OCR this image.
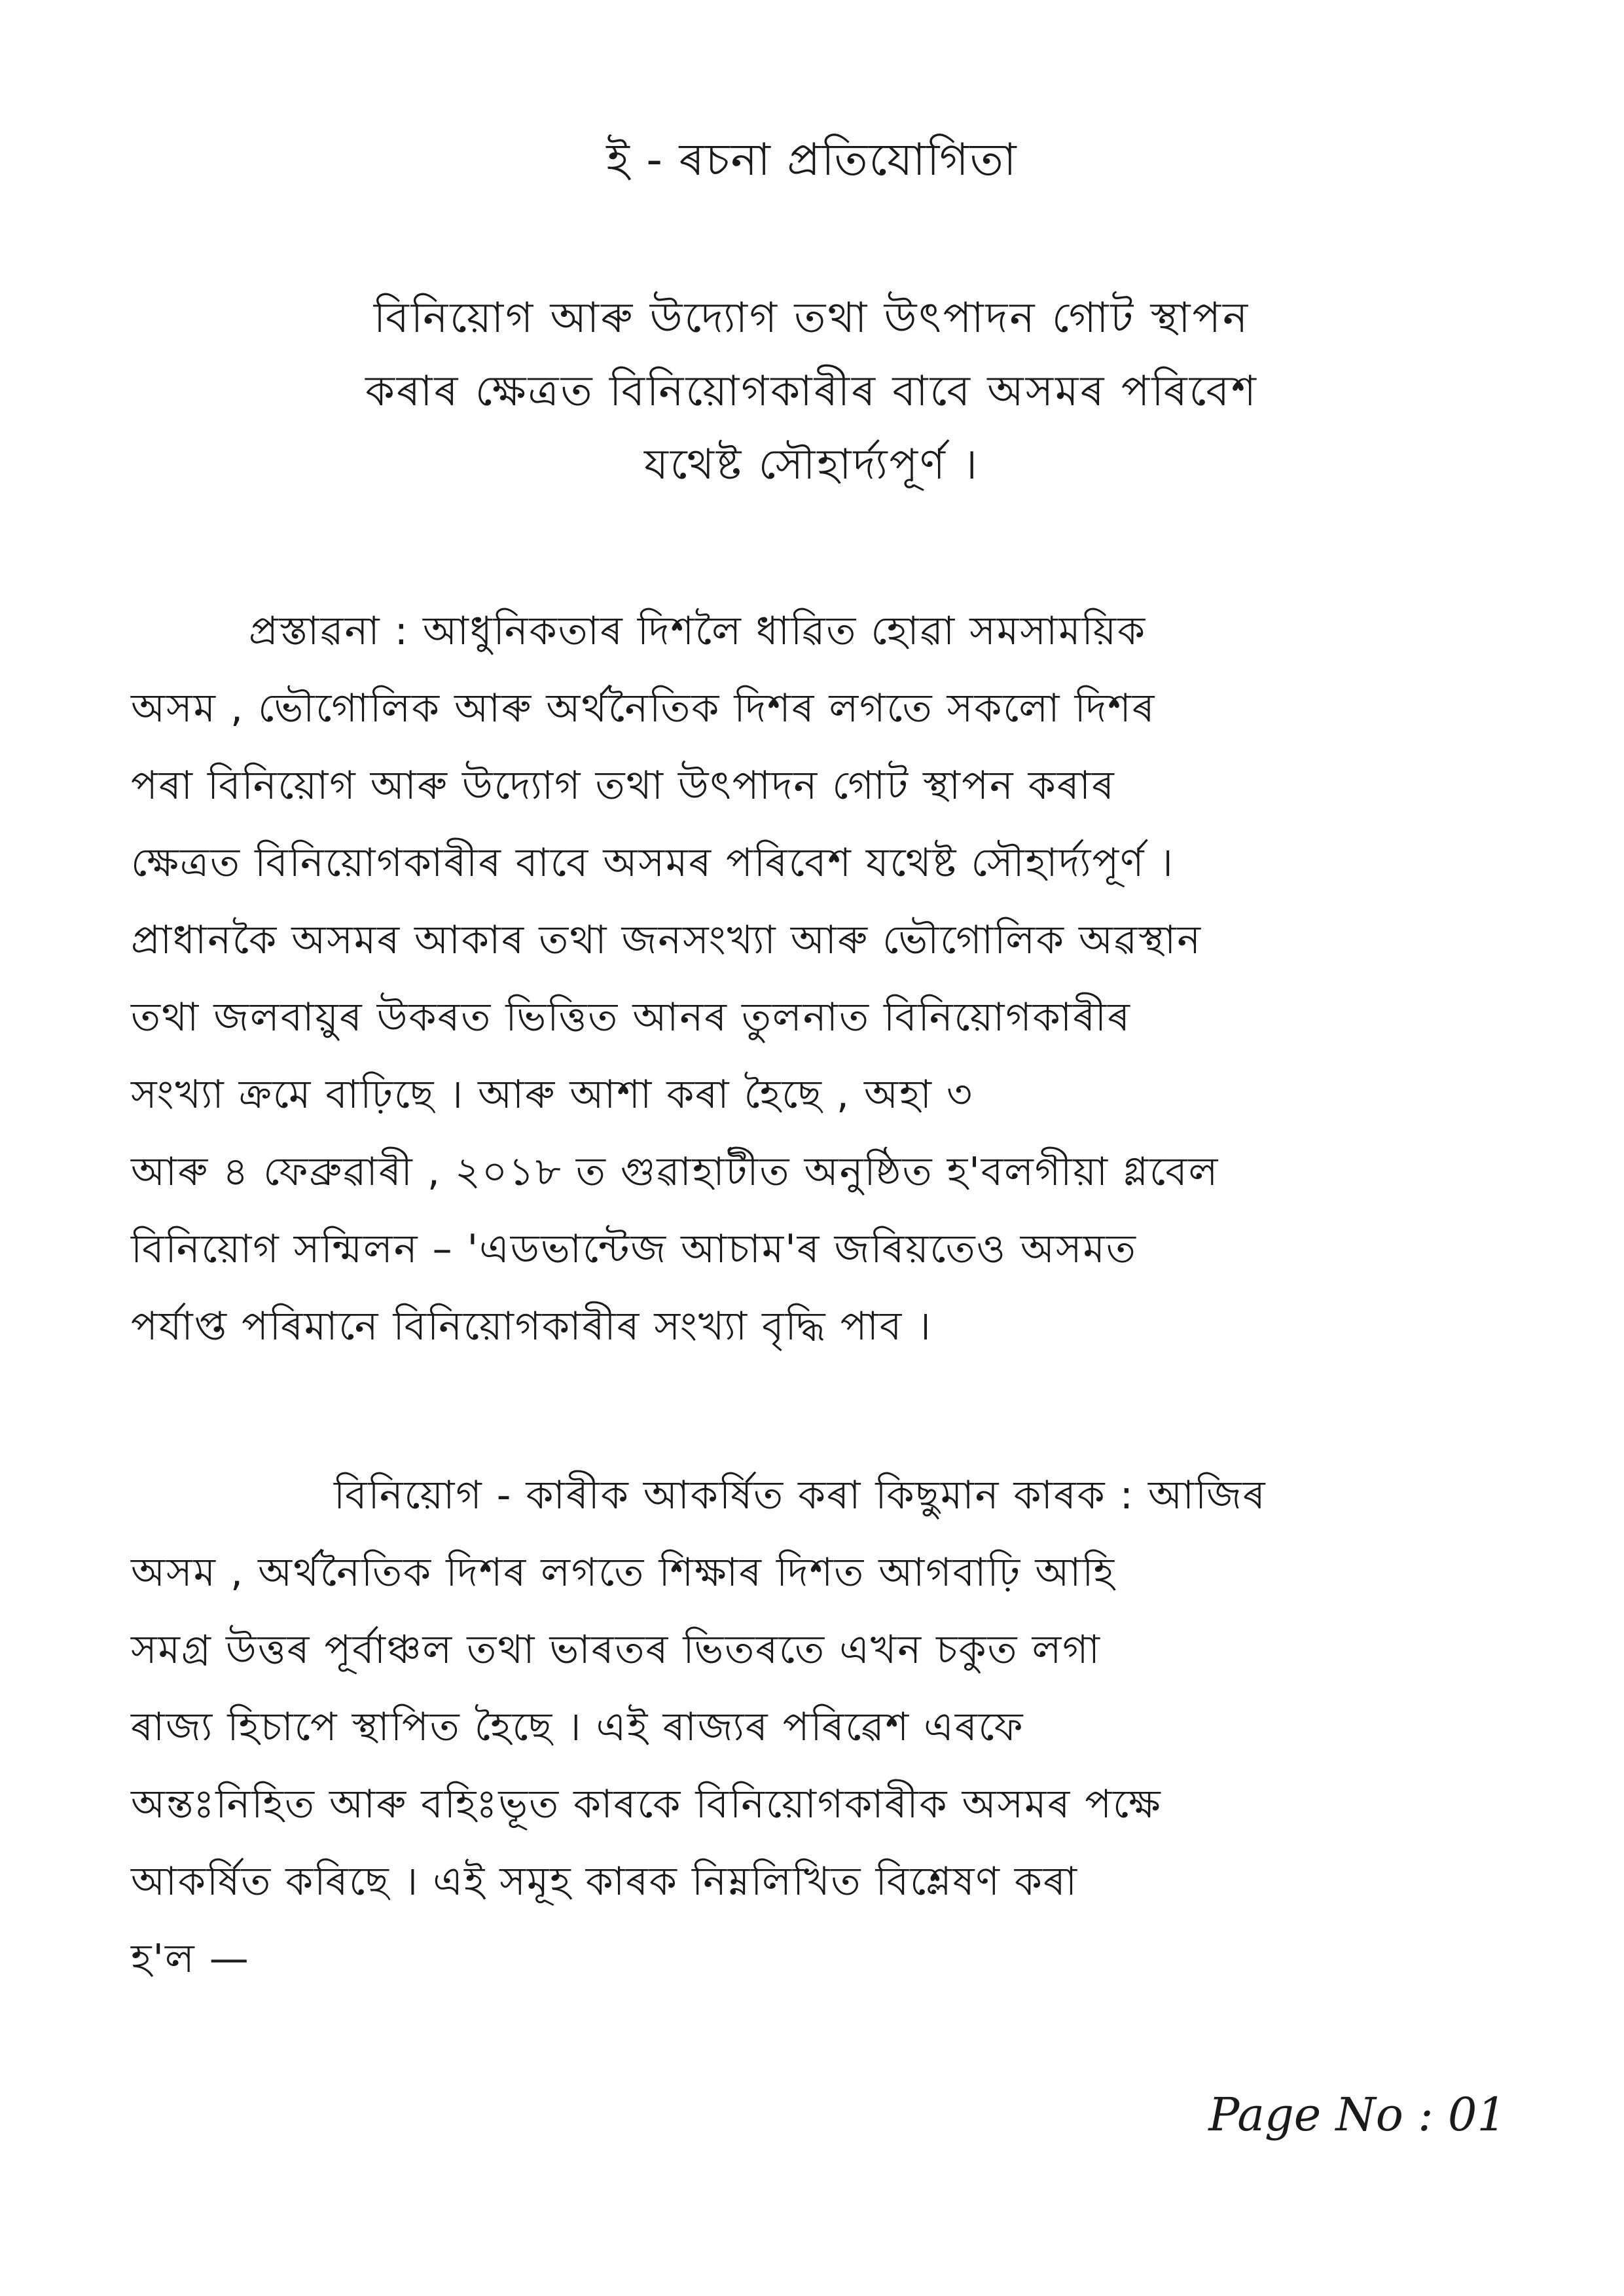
ই - ৰচনা প্ৰতিযোগিতা
বিনিয়োগ আৰু উদ্যোগ তথা উৎপাদন গোট স্থাপন
কৰাৰ ক্ষেত্ৰত বিনিয়োগকাৰীৰ বাবে অসমৰ পৰিবেশ
যথেষ্ট সৌহাৰ্দ্যপূৰ্ণ ।
প্ৰস্তাৱনা : আধুনিকতাৰ দিশলৈ ধাৱিত হোৱা সমসাময়িক
অসম , ভৌগোলিক আৰু অৰ্থনৈতিক দিশৰ লগতে সকলো দিশৰ
পৰা বিনিয়োগ আৰু উদ্যোগ তথা উৎপাদন গোট স্থাপন কৰাৰ
ক্ষেত্ৰত বিনিয়োগকাৰীৰ বাবে অসমৰ পৰিবেশ যথেষ্ট সৌহাৰ্দ্যপূৰ্ণ ।
প্ৰাধানকৈ অসমৰ আকাৰ তথা জনসংখ্যা আৰু ভৌগোলিক অৱস্থান
তথা জলবায়ুৰ উকৰত ভিত্তিত আনৰ তুলনাত বিনিয়োগকাৰীৰ
সংখ্যা ক্ৰমে বাঢ়িছে । আৰু আশা কৰা হৈছে , অহা ৩
আৰু ৪ ফেব্ৰুৱাৰী , ২০১৮ ত গুৱাহাটীত অনুষ্ঠিত হ'বলগীয়া গ্লবেল
বিনিয়োগ সন্মিলন – 'এডভান্টেজ আচাম'ৰ জৰিয়তেও অসমত
পৰ্যাপ্ত পৰিমানে বিনিয়োগকাৰীৰ সংখ্যা বৃদ্ধি পাব ।
বিনিয়োগ - কাৰীক আকৰ্ষিত কৰা কিছুমান কাৰক : আজিৰ
অসম , অৰ্থনৈতিক দিশৰ লগতে শিক্ষাৰ দিশত আগবাঢ়ি আহি
সমগ্ৰ উত্তৰ পূৰ্বাঞ্চল তথা ভাৰতৰ ভিতৰতে এখন চকুত লগা
ৰাজ্য হিচাপে স্থাপিত হৈছে । এই ৰাজ্যৰ পৰিৱেশ এৰফে
অন্তঃনিহিত আৰু বহিঃভূত কাৰকে বিনিয়োগকাৰীক অসমৰ পক্ষে
আকৰ্ষিত কৰিছে । এই সমূহ কাৰক নিম্নলিখিত বিশ্লেষণ কৰা
হ'ল —
Page No : 01
